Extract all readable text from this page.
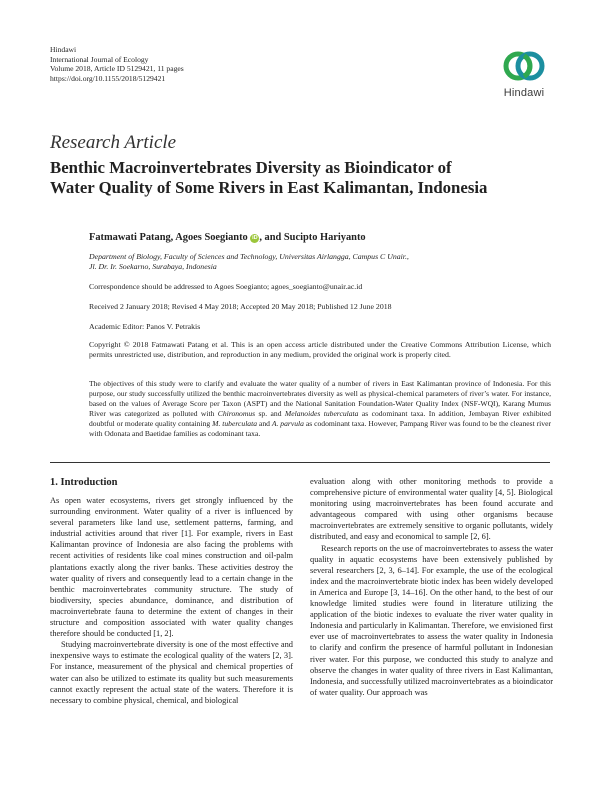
Hindawi
International Journal of Ecology
Volume 2018, Article ID 5129421, 11 pages
https://doi.org/10.1155/2018/5129421
Hindawi
Research Article
Benthic Macroinvertebrates Diversity as Bioindicator of
Water Quality of Some Rivers in East Kalimantan, Indonesia
Fatmawati Patang, Agoes Soegianto iD , and Sucipto Hariyanto
Department of Biology, Faculty of Sciences and Technology, Universitas Airlangga, Campus C Unair.,
Jl. Dr. Ir. Soekarno, Surabaya, Indonesia
Correspondence should be addressed to Agoes Soegianto; agoes_soegianto@unair.ac.id
Received 2 January 2018; Revised 4 May 2018; Accepted 20 May 2018; Published 12 June 2018
Academic Editor: Panos V. Petrakis
Copyright © 2018 Fatmawati Patang et al. This is an open access article distributed under the Creative Commons Attribution License, which permits unrestricted use, distribution, and reproduction in any medium, provided the original work is properly cited.
The objectives of this study were to clarify and evaluate the water quality of a number of rivers in East Kalimantan province of Indonesia. For this purpose, our study successfully utilized the benthic macroinvertebrates diversity as well as physical-chemical parameters of river’s water. For instance, based on the values of Average Score per Taxon (ASPT) and the National Sanitation Foundation-Water Quality Index (NSF-WQI), Karang Mumus River was categorized as polluted with Chironomus sp. and Melanoides tuberculata as codominant taxa. In addition, Jembayan River exhibited doubtful or moderate quality containing M. tuberculata and A. parvula as codominant taxa. However, Pampang River was found to be the cleanest river with Odonata and Baetidae families as codominant taxa.
1. Introduction

As open water ecosystems, rivers get strongly influenced by the surrounding environment. Water quality of a river is influenced by several parameters like land use, settlement patterns, farming, and industrial activities around that river [1]. For example, rivers in East Kalimantan province of Indonesia are also facing the problems with recent activities of residents like coal mines construction and oil-palm plantations exactly along the river banks. These activities destroy the water quality of rivers and consequently lead to a certain change in the benthic macroinvertebrates community structure. The study of biodiversity, species abundance, dominance, and distribution of macroinvertebrate fauna to determine the extent of changes in their structure and composition associated with water quality changes therefore should be conducted [1, 2].

Studying macroinvertebrate diversity is one of the most effective and inexpensive ways to estimate the ecological quality of the waters [2, 3]. For instance, measurement of the physical and chemical properties of water can also be utilized to estimate its quality but such measurements cannot exactly represent the actual state of the waters. Therefore it is necessary to combine physical, chemical, and biological

evaluation along with other monitoring methods to provide a comprehensive picture of environmental water quality [4, 5]. Biological monitoring using macroinvertebrates has been found accurate and advantageous compared with using other organisms because macroinvertebrates are extremely sensitive to organic pollutants, widely distributed, and easy and economical to sample [2, 6].

Research reports on the use of macroinvertebrates to assess the water quality in aquatic ecosystems have been extensively published by several researchers [2, 3, 6–14]. For example, the use of the ecological index and the macroinvertebrate biotic index has been widely developed in America and Europe [3, 14–16]. On the other hand, to the best of our knowledge limited studies were found in literature utilizing the application of the biotic indexes to evaluate the river water quality in Indonesia and particularly in Kalimantan. Therefore, we envisioned first ever use of macroinvertebrates to assess the water quality in Indonesia to clarify and confirm the presence of harmful pollutant in Indonesian river water. For this purpose, we conducted this study to analyze and observe the changes in water quality of three rivers in East Kalimantan, Indonesia, and successfully utilized macroinvertebrates as a bioindicator of water quality. Our approach was
